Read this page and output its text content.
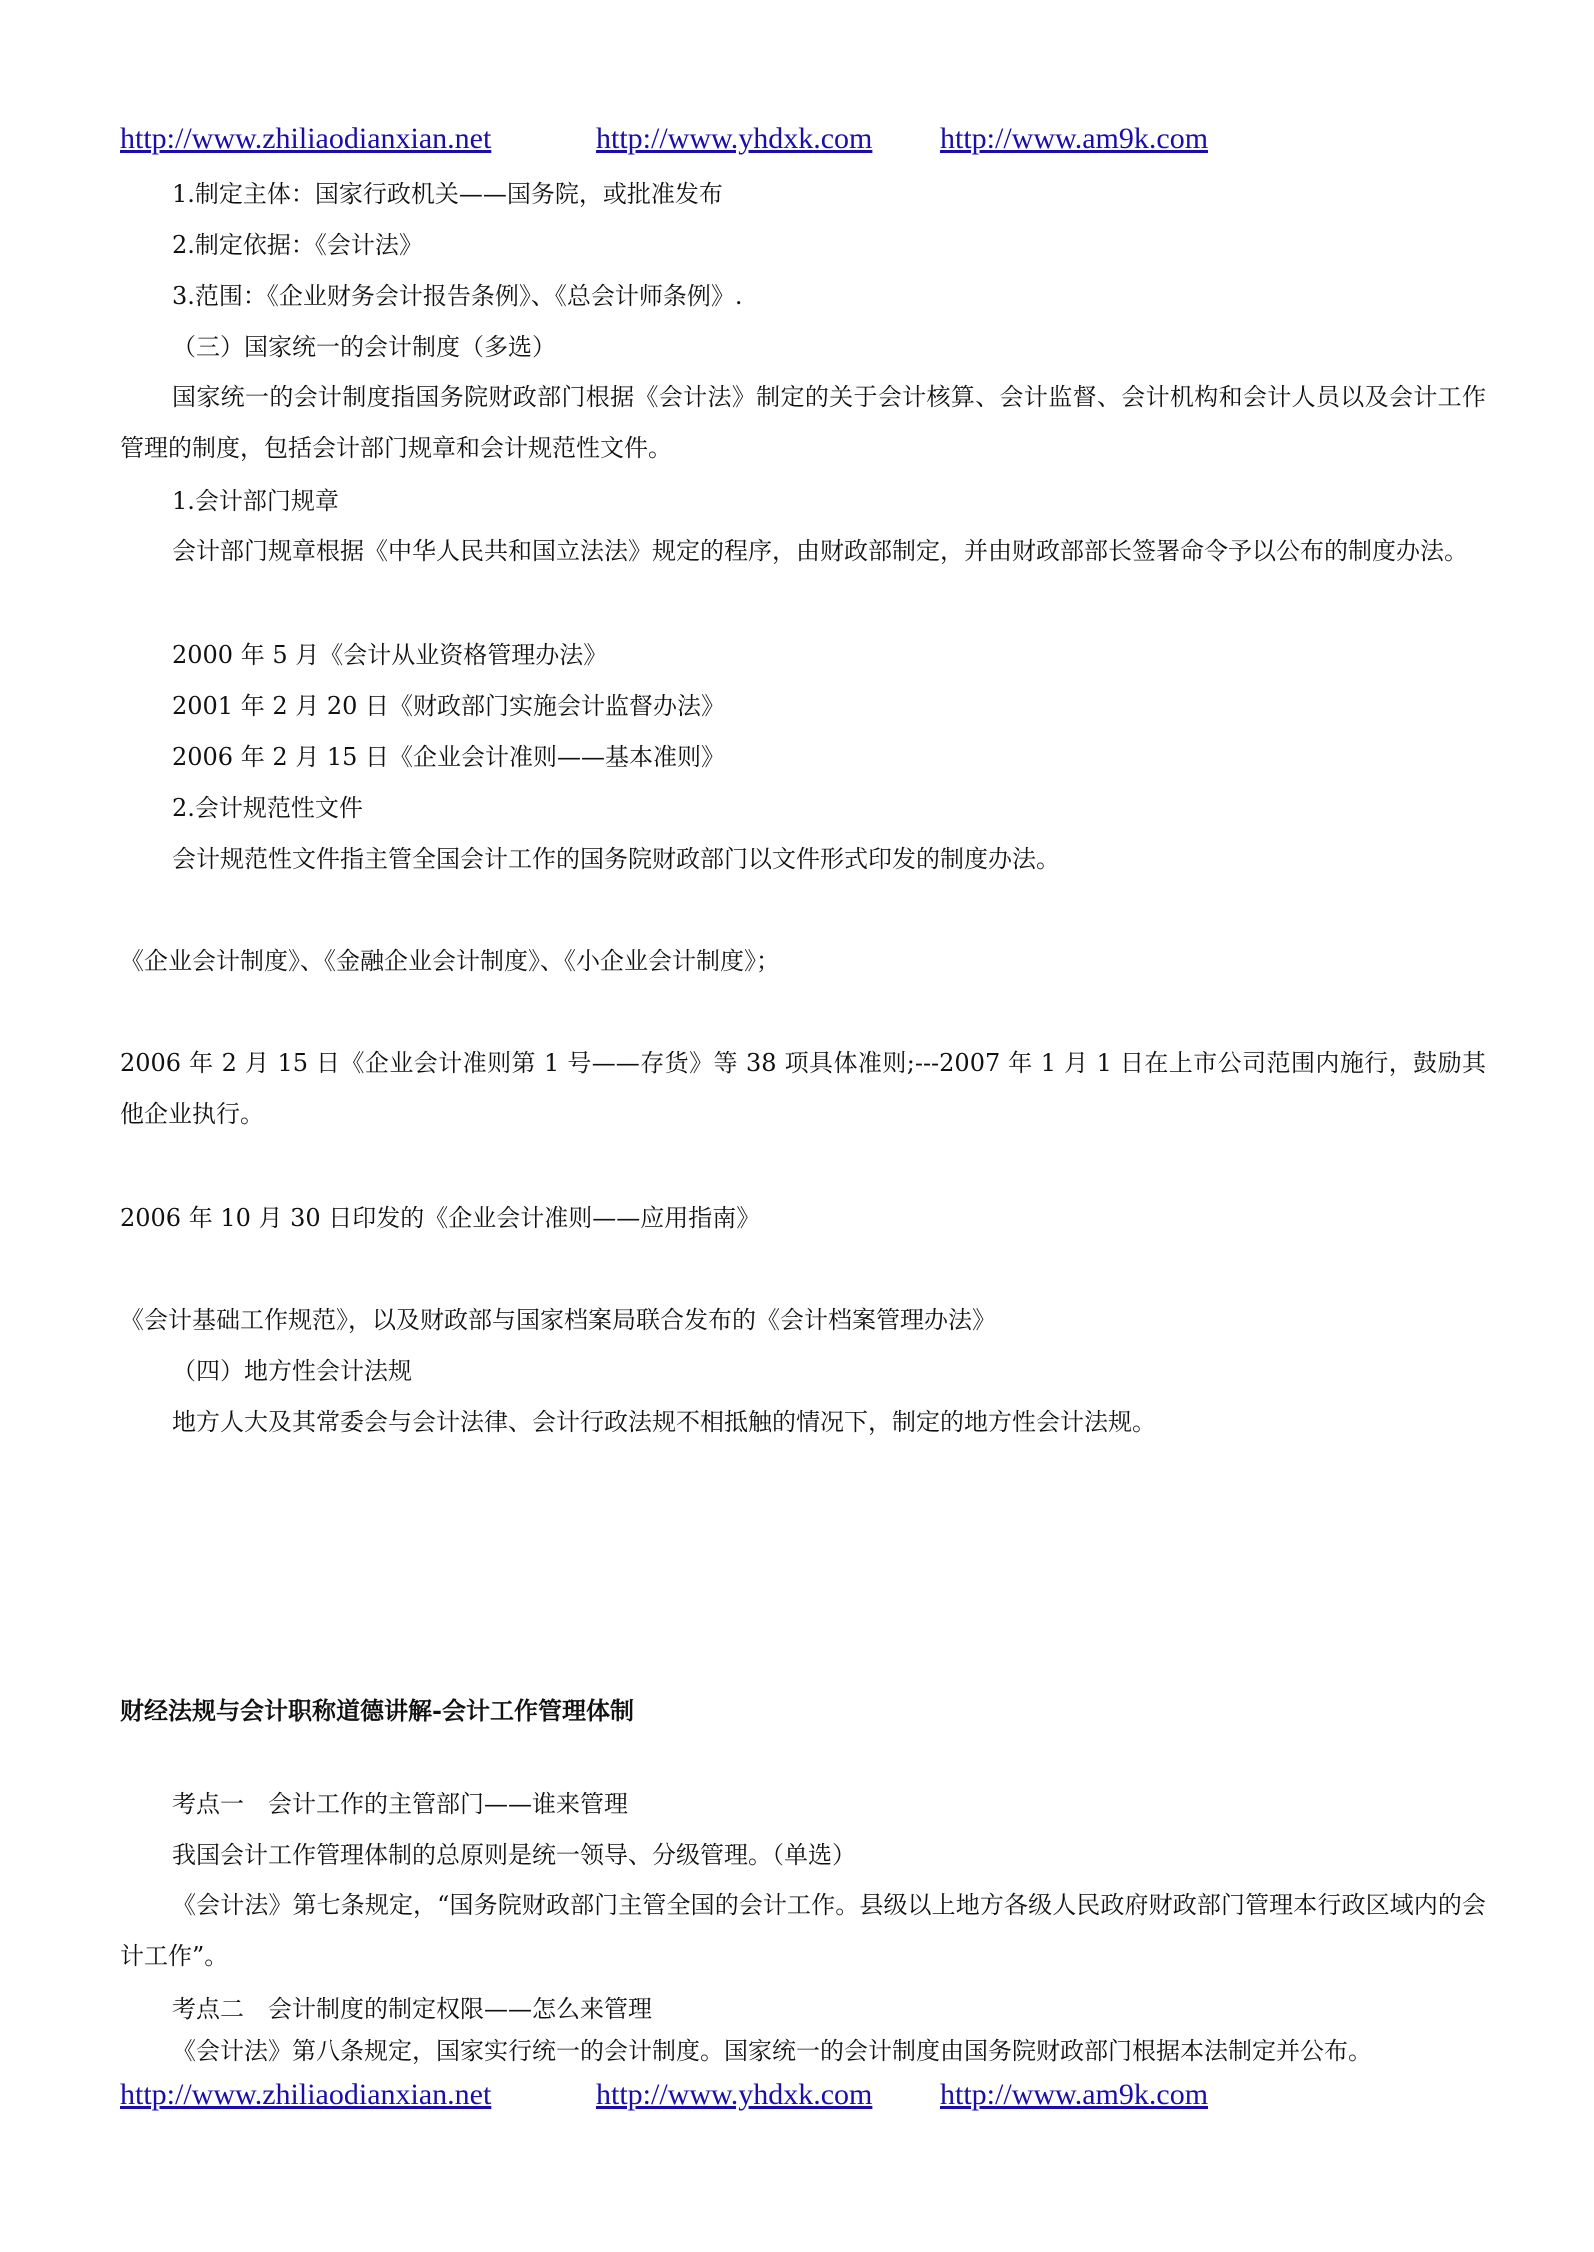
http://www.zhiliaodianxian.net	http://www.yhdxk.com http://www.am9k.com
1.制定主体：国家行政机关——国务院，或批准发布
2.制定依据：《会计法》
3.范围：《企业财务会计报告条例》、《总会计师条例》.
（三）国家统一的会计制度（多选）
国家统一的会计制度指国务院财政部门根据《会计法》制定的关于会计核算、会计监督、会计机构和会计人员以及会计工作管理的制度，包括会计部门规章和会计规范性文件。
1.会计部门规章
会计部门规章根据《中华人民共和国立法法》规定的程序，由财政部制定，并由财政部部长签署命令予以公布的制度办法。
2000 年 5 月《会计从业资格管理办法》
2001 年 2 月 20 日《财政部门实施会计监督办法》
2006 年 2 月 15 日《企业会计准则——基本准则》
2.会计规范性文件
会计规范性文件指主管全国会计工作的国务院财政部门以文件形式印发的制度办法。
《企业会计制度》、《金融企业会计制度》、《小企业会计制度》；
2006 年 2 月 15 日《企业会计准则第 1 号——存货》等 38 项具体准则;---2007 年 1 月 1 日在上市公司范围内施行，鼓励其他企业执行。
2006 年 10 月 30 日印发的《企业会计准则——应用指南》
《会计基础工作规范》，以及财政部与国家档案局联合发布的《会计档案管理办法》
（四）地方性会计法规
地方人大及其常委会与会计法律、会计行政法规不相抵触的情况下，制定的地方性会计法规。
财经法规与会计职称道德讲解-会计工作管理体制
考点一　会计工作的主管部门——谁来管理
我国会计工作管理体制的总原则是统一领导、分级管理。（单选）
《会计法》第七条规定，“国务院财政部门主管全国的会计工作。县级以上地方各级人民政府财政部门管理本行政区域内的会计工作”。
考点二　会计制度的制定权限——怎么来管理
《会计法》第八条规定，国家实行统一的会计制度。国家统一的会计制度由国务院财政部门根据本法制定并公布。
http://www.zhiliaodianxian.net	http://www.yhdxk.com http://www.am9k.com
